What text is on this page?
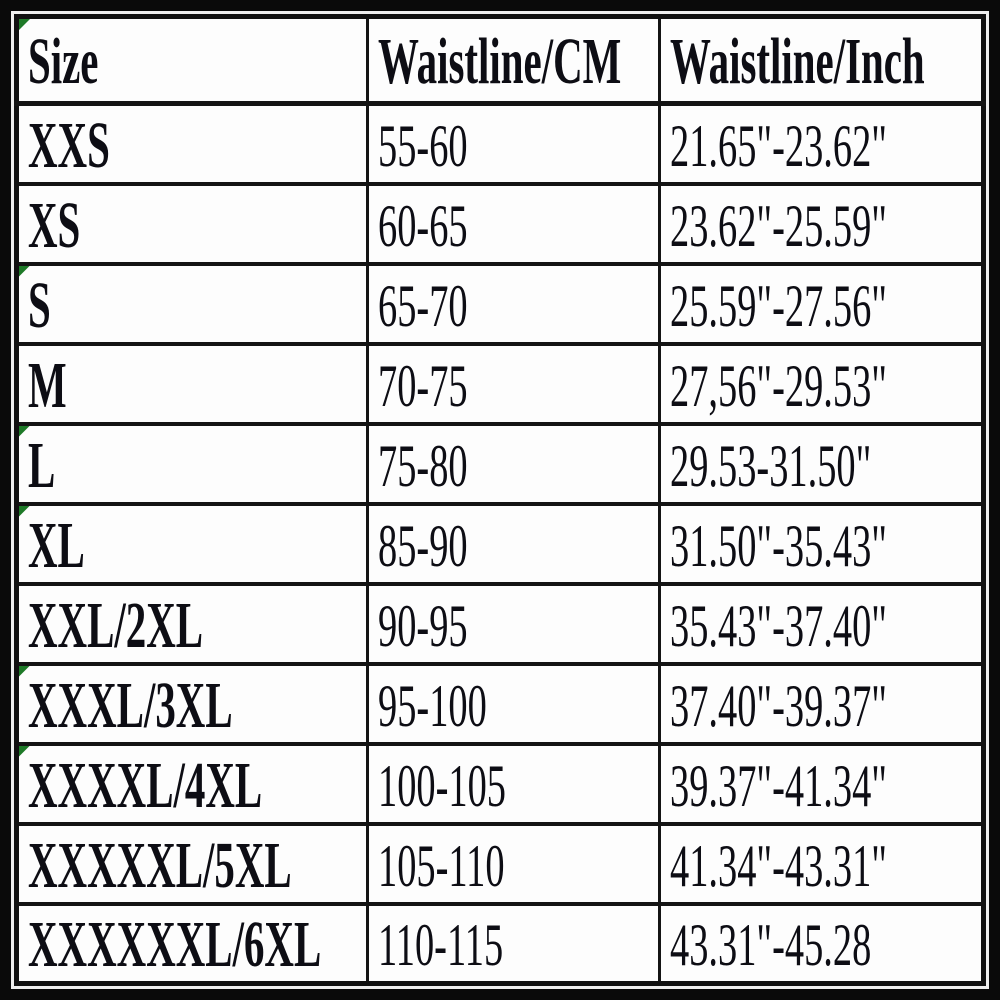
Size	Waistline/CM	Waistline/Inch
XXS	55-60	21.65"-23.62"
XS	60-65	23.62"-25.59"

S	65-70	25.59"-27.56"
M	70-75	27,56"-29.53"

L	75-80	29.53-31.50"

XL	85-90	31.50"-35.43"
XXL/2XL	90-95	35.43"-37.40"

XXXL/3XL	95-100	37.40"-39.37"

XXXXL/4XL	100-105	39.37"-41.34"
XXXXXL/5XL	105-110	41.34"-43.31"
XXXXXXL/6XL	110-115	43.31"-45.28
